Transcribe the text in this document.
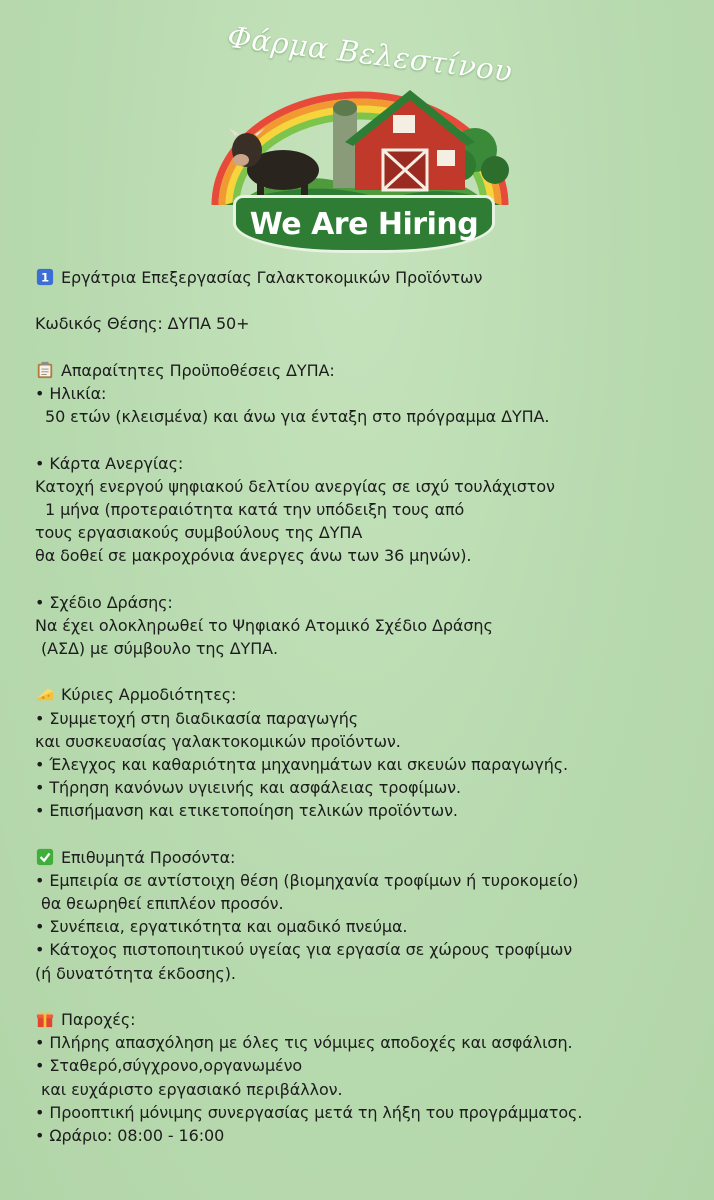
Φάρμα Βελεστίνου
We Are Hiring
1 Εργάτρια Επεξεργασίας Γαλακτοκομικών Προϊόντων
Κωδικός Θέσης: ΔΥΠΑ 50+
Απαραίτητες Προϋποθέσεις ΔΥΠΑ:
• Ηλικία:
50 ετών (κλεισμένα) και άνω για ένταξη στο πρόγραμμα ΔΥΠΑ.
• Κάρτα Ανεργίας:
Κατοχή ενεργού ψηφιακού δελτίου ανεργίας σε ισχύ τουλάχιστον
1 μήνα (προτεραιότητα κατά την υπόδειξη τους από
τους εργασιακούς συμβούλους της ΔΥΠΑ
θα δοθεί σε μακροχρόνια άνεργες άνω των 36 μηνών).
• Σχέδιο Δράσης:
Να έχει ολοκληρωθεί το Ψηφιακό Ατομικό Σχέδιο Δράσης
(ΑΣΔ) με σύμβουλο της ΔΥΠΑ.
Κύριες Αρμοδιότητες:
• Συμμετοχή στη διαδικασία παραγωγής
και συσκευασίας γαλακτοκομικών προϊόντων.
• Έλεγχος και καθαριότητα μηχανημάτων και σκευών παραγωγής.
• Τήρηση κανόνων υγιεινής και ασφάλειας τροφίμων.
• Επισήμανση και ετικετοποίηση τελικών προϊόντων.
Επιθυμητά Προσόντα:
• Εμπειρία σε αντίστοιχη θέση (βιομηχανία τροφίμων ή τυροκομείο)
θα θεωρηθεί επιπλέον προσόν.
• Συνέπεια, εργατικότητα και ομαδικό πνεύμα.
• Κάτοχος πιστοποιητικού υγείας για εργασία σε χώρους τροφίμων
(ή δυνατότητα έκδοσης).
Παροχές:
• Πλήρης απασχόληση με όλες τις νόμιμες αποδοχές και ασφάλιση.
• Σταθερό,σύγχρονο,οργανωμένο
και ευχάριστο εργασιακό περιβάλλον.
• Προοπτική μόνιμης συνεργασίας μετά τη λήξη του προγράμματος.
• Ωράριο: 08:00 - 16:00
